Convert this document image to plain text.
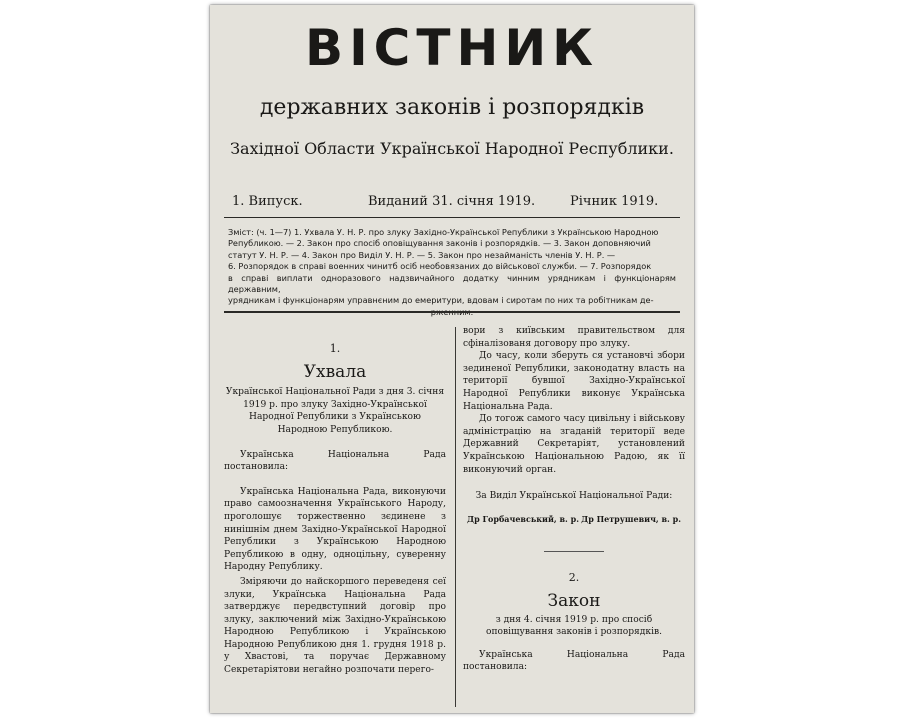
ВІСТНИК
державних законів і розпорядків
Західної Области Української Народної Республики.
1. Випуск.	Виданий 31. січня 1919.	Річник 1919.
Зміст: (ч. 1—7) 1. Ухвала У. Н. Р. про злуку Західно-Української Републики з Українською Народною
Републикою. — 2. Закон про спосіб оповіщування законів і розпорядків. — 3. Закон доповняючий
статут У. Н. Р. — 4. Закон про Виділ У. Н. Р. — 5. Закон про незайманість членів У. Н. Р. —
6. Розпорядок в справі военних чинитб осіб необовязаних до військової служби. — 7. Розпорядок
в справі виплати одноразового надзвичайного додатку чинним урядникам і функціонарям державним,
урядникам і функціонарям управнєним до емеритури, вдовам і сиротам по них та робітникам дe-

1.

Ухвала

Української Національної Ради з дня 3. січня 1919 р. про злуку Західно-Української Народної Републики з Українською Народною Републикою.

Українська Національна Рада постановила:

Українська Національна Рада, виконуючи право самоозначення Українського Народу, проголошує торжественно зєдинене з нинішнім днем Західно-Української Народної Републики з Українською Народною Републикою в одну, одноцільну, суверенну Народну Републику.

Зміряючи до найскоршого переведеня сеї злуки, Українська Національна Рада затверджує передвступний договір про злуку, заключений між Західно-Українською Народною Републикою і Українською Народною Републикою дня 1. грудня 1918 р. у Хвастові, та поручає Державному Секретаріятови негайно розпочати перего-

вори з київським правительством для сфіналізованя договору про злуку.

До часу, коли зберуть ся установчі збори зединеної Републики, законодатну власть на території бувшої Західно-Української Народної Републики виконує Українська Національна Рада.

До тогож самого часу цивільну і військову адміністрацію на згаданій території веде Державний Секретаріят, установлений Українською Національною Радою, як її виконуючий орган.

За Виділ Української Національної Ради:

Др Горбачевський, в. р. Др Петрушевич, в. р.

2.

Закон

з дня 4. січня 1919 р. про спосіб оповіщування законів і розпорядків.

Українська Національна Рада постановила:
